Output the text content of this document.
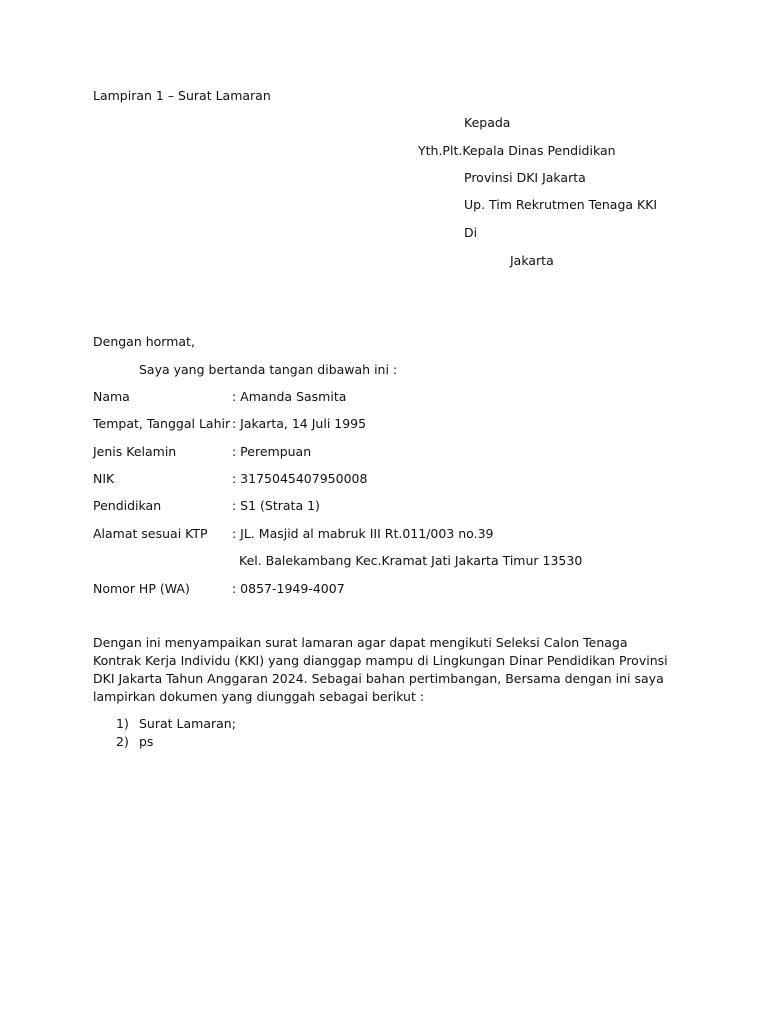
Lampiran 1 – Surat Lamaran
Kepada
Yth.Plt.Kepala Dinas Pendidikan
Provinsi DKI Jakarta
Up. Tim Rekrutmen Tenaga KKI
Di
Jakarta
Dengan hormat,
Saya yang bertanda tangan dibawah ini :
Nama	: Amanda Sasmita
Tempat, Tanggal Lahir : Jakarta, 14 Juli 1995
Jenis Kelamin	: Perempuan
NIK	: 3175045407950008
Pendidikan	: S1 (Strata 1)
Alamat sesuai KTP : JL. Masjid al mabruk III Rt.011/003 no.39
Kel. Balekambang Kec.Kramat Jati Jakarta Timur 13530
Nomor HP (WA)	: 0857-1949-4007
Dengan ini menyampaikan surat lamaran agar dapat mengikuti Seleksi Calon Tenaga Kontrak Kerja Individu (KKI) yang dianggap mampu di Lingkungan Dinar Pendidikan Provinsi DKI Jakarta Tahun Anggaran 2024. Sebagai bahan pertimbangan, Bersama dengan ini saya lampirkan dokumen yang diunggah sebagai berikut :
1) Surat Lamaran;
2) ps
